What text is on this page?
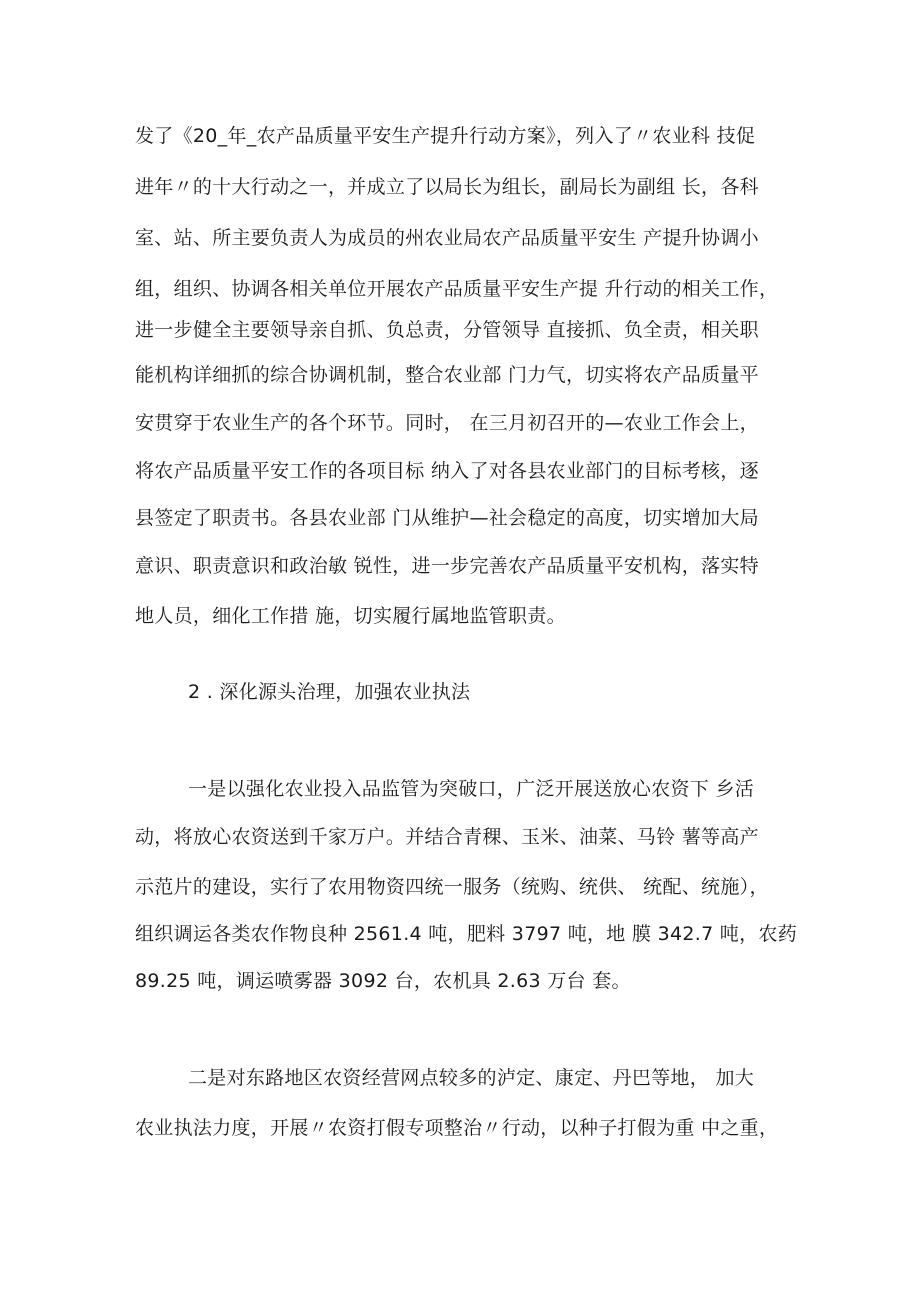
发了《20_年_农产品质量平安生产提升行动方案》，列入了〃农业科 技促
进年〃的十大行动之一，并成立了以局长为组长，副局长为副组 长，各科
室、站、所主要负责人为成员的州农业局农产品质量平安生 产提升协调小
组，组织、协调各相关单位开展农产品质量平安生产提 升行动的相关工作，
进一步健全主要领导亲自抓、负总责，分管领导 直接抓、负全责，相关职
能机构详细抓的综合协调机制，整合农业部 门力气，切实将农产品质量平
安贯穿于农业生产的各个环节。同时， 在三月初召开的—农业工作会上，
将农产品质量平安工作的各项目标 纳入了对各县农业部门的目标考核，逐
县签定了职责书。各县农业部 门从维护—社会稳定的高度，切实增加大局
意识、职责意识和政治敏 锐性，进一步完善农产品质量平安机构，落实特
地人员，细化工作措 施，切实履行属地监管职责。
2 . 深化源头治理，加强农业执法
一是以强化农业投入品监管为突破口，广泛开展送放心农资下 乡活
动，将放心农资送到千家万户。并结合青稞、玉米、油菜、马铃 薯等高产
示范片的建设，实行了农用物资四统一服务（统购、统供、 统配、统施），
组织调运各类农作物良种 2561.4 吨，肥料 3797 吨，地 膜 342.7 吨，农药
89.25 吨，调运喷雾器 3092 台，农机具 2.63 万台 套。
二是对东路地区农资经营网点较多的泸定、康定、丹巴等地， 加大
农业执法力度，开展〃农资打假专项整治〃行动，以种子打假为重 中之重，
